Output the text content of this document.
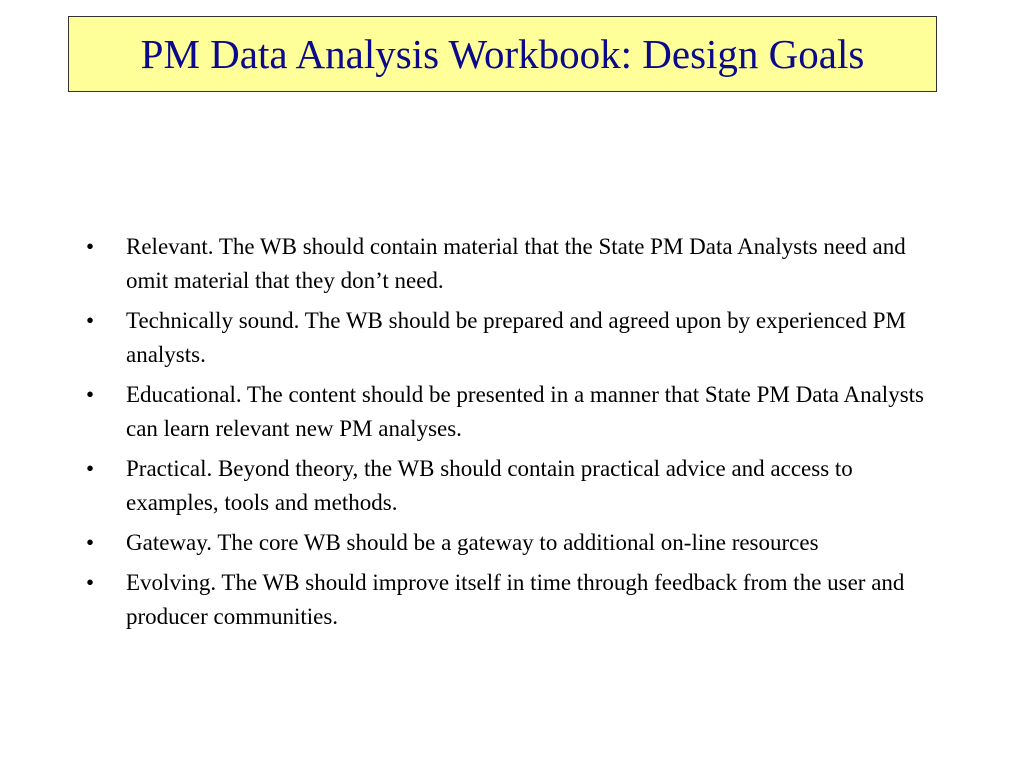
PM Data Analysis Workbook: Design Goals
•	Relevant. The WB should contain material that the State PM Data Analysts need and omit material that they don’t need.
•	Technically sound. The WB should be prepared and agreed upon by experienced PM analysts.
•	Educational. The content should be presented in a manner that State PM Data Analysts can learn relevant new PM analyses.
•	Practical. Beyond theory, the WB should contain practical advice and access to examples, tools and methods.
•	Gateway. The core WB should be a gateway to additional on-line resources
•	Evolving. The WB should improve itself in time through feedback from the user and producer communities.
